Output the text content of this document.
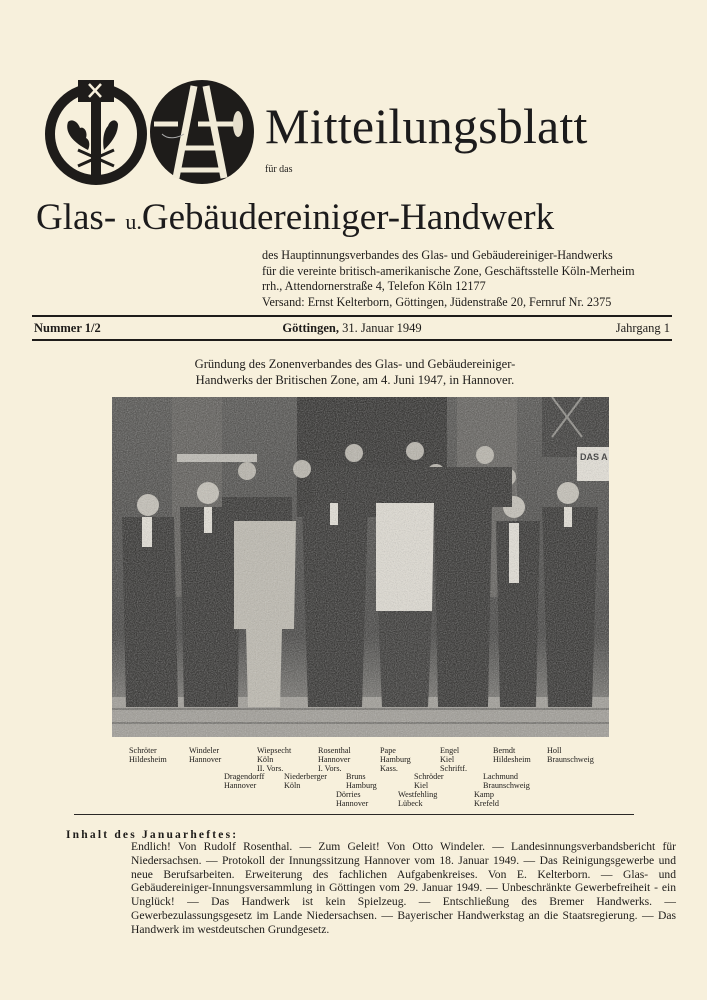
Mitteilungsblatt
für das
Glas- u.Gebäudereiniger-Handwerk
des Hauptinnungsverbandes des Glas- und Gebäudereiniger-Handwerks
für die vereinte britisch-amerikanische Zone, Geschäftsstelle Köln-Merheim
rrh., Attendornerstraße 4, Telefon Köln 12177
Versand: Ernst Kelterborn, Göttingen, Jüdenstraße 20, Fernruf Nr. 2375
Nummer 1/2	Göttingen, 31. Januar 1949	Jahrgang 1
Gründung des Zonenverbandes des Glas- und Gebäudereiniger-
Handwerks der Britischen Zone, am 4. Juni 1947, in Hannover.
Schröter
Hildesheim
Windeler
Hannover
Wiepsecht
Köln
II. Vors.
Rosenthal
Hannover
I. Vors.
Pape
Hamburg
Kass.
Engel
Kiel
Schriftf.
Berndt
Hildesheim
Holl
Braunschweig
Dragendorff
Hannover
Niederberger
Köln
Bruns
Hamburg
Schröder
Kiel
Lachmund
Braunschweig
Dörries
Hannover
Westfehling
Lübeck
Kamp
Krefeld
Inhalt des Januarheftes:
Endlich! Von Rudolf Rosenthal. — Zum Geleit! Von Otto Windeler. — Landesinnungsverbandsbericht für Niedersachsen. — Protokoll der Innungssitzung Hannover vom 18. Januar 1949. — Das Reinigungsgewerbe und neue Berufsarbeiten. Erweiterung des fachlichen Aufgabenkreises. Von E. Kelterborn. — Glas- und Gebäudereiniger-Innungsversammlung in Göttingen vom 29. Januar 1949. — Unbeschränkte Gewerbefreiheit - ein Unglück! — Das Handwerk ist kein Spielzeug. — Entschließung des Bremer Handwerks. — Gewerbezulassungsgesetz im Lande Niedersachsen. — Bayerischer Handwerkstag an die Staatsregierung. — Das Handwerk im westdeutschen Grundgesetz.
